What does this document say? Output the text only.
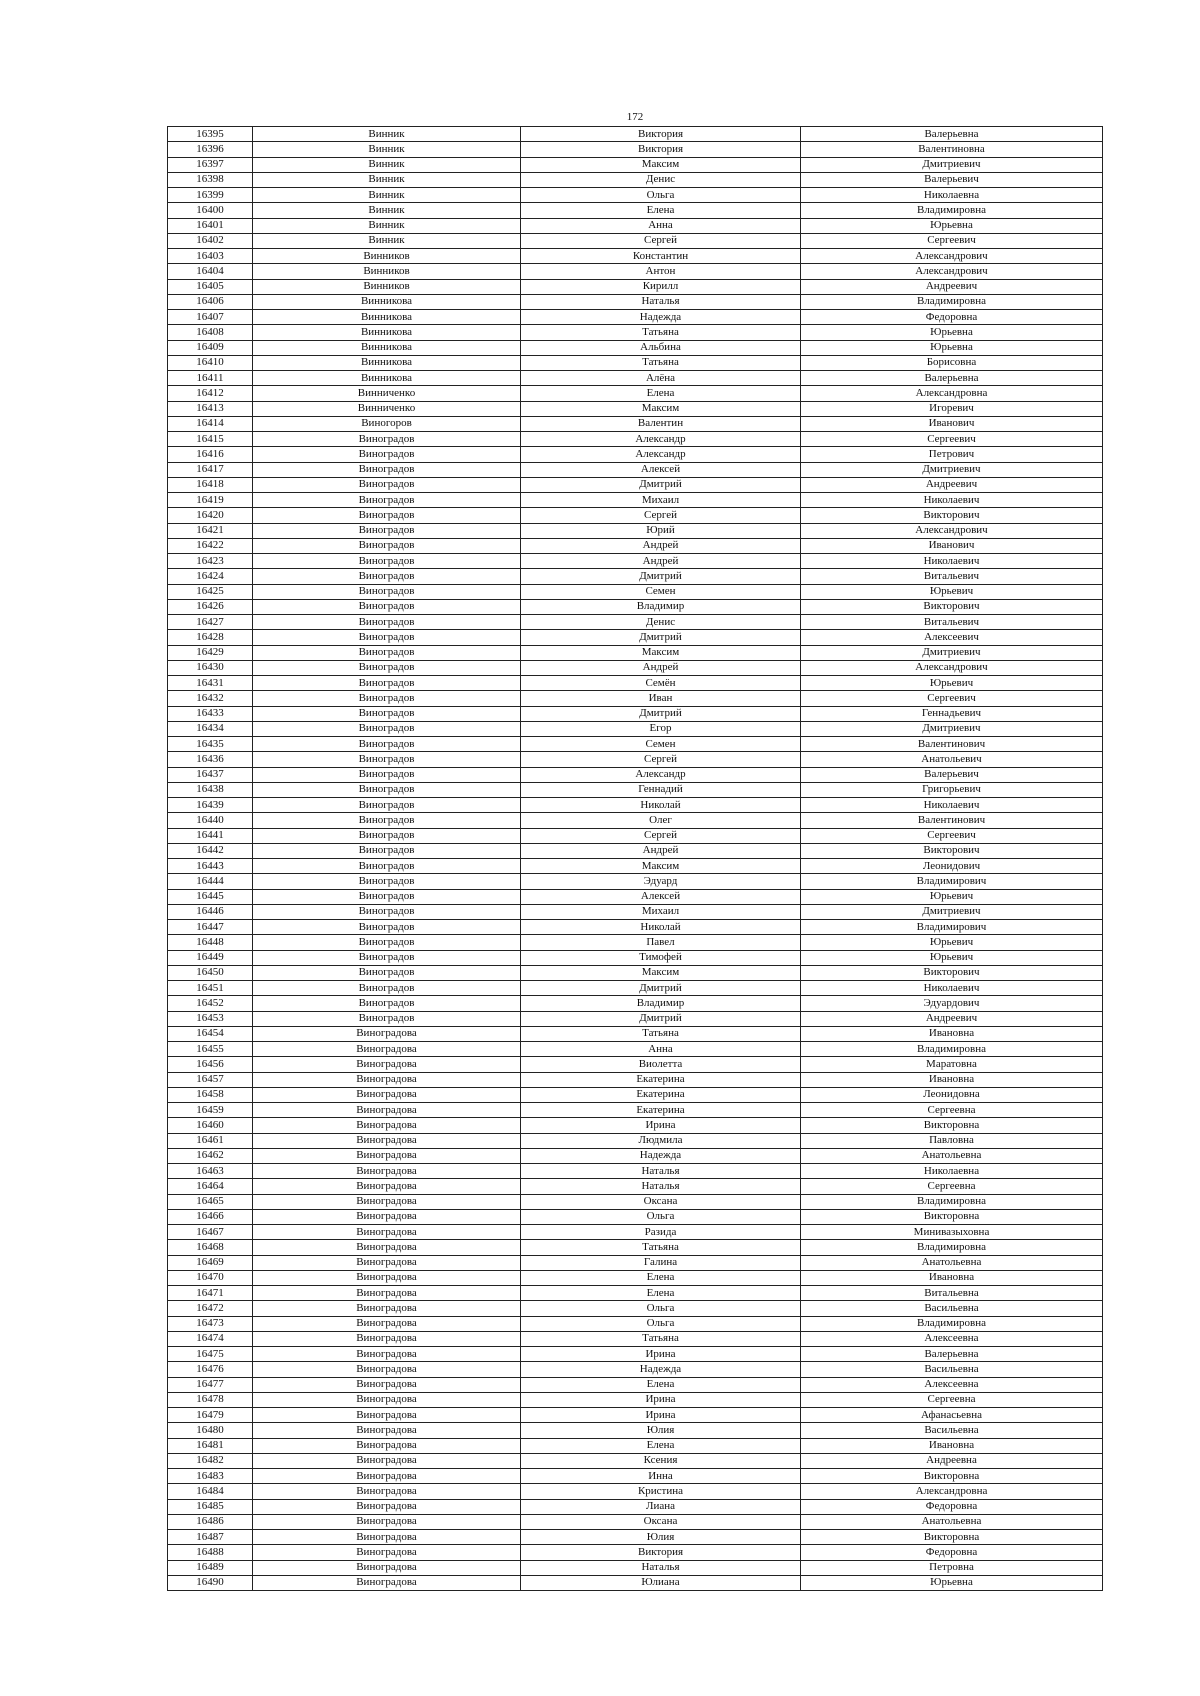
172
16395	Винник	Виктория	Валерьевна
16396	Винник	Виктория	Валентиновна
16397	Винник	Максим	Дмитриевич
16398	Винник	Денис	Валерьевич
16399	Винник	Ольга	Николаевна
16400	Винник	Елена	Владимировна
16401	Винник	Анна	Юрьевна
16402	Винник	Сергей	Сергеевич
16403	Винников	Константин	Александрович
16404	Винников	Антон	Александрович
16405	Винников	Кирилл	Андреевич
16406	Винникова	Наталья	Владимировна
16407	Винникова	Надежда	Федоровна
16408	Винникова	Татьяна	Юрьевна
16409	Винникова	Альбина	Юрьевна
16410	Винникова	Татьяна	Борисовна
16411	Винникова	Алёна	Валерьевна
16412	Винниченко	Елена	Александровна
16413	Винниченко	Максим	Игоревич
16414	Виногоров	Валентин	Иванович
16415	Виноградов	Александр	Сергеевич
16416	Виноградов	Александр	Петрович
16417	Виноградов	Алексей	Дмитриевич
16418	Виноградов	Дмитрий	Андреевич
16419	Виноградов	Михаил	Николаевич
16420	Виноградов	Сергей	Викторович
16421	Виноградов	Юрий	Александрович
16422	Виноградов	Андрей	Иванович
16423	Виноградов	Андрей	Николаевич
16424	Виноградов	Дмитрий	Витальевич
16425	Виноградов	Семен	Юрьевич
16426	Виноградов	Владимир	Викторович
16427	Виноградов	Денис	Витальевич
16428	Виноградов	Дмитрий	Алексеевич
16429	Виноградов	Максим	Дмитриевич
16430	Виноградов	Андрей	Александрович
16431	Виноградов	Семён	Юрьевич
16432	Виноградов	Иван	Сергеевич
16433	Виноградов	Дмитрий	Геннадьевич
16434	Виноградов	Егор	Дмитриевич
16435	Виноградов	Семен	Валентинович
16436	Виноградов	Сергей	Анатольевич
16437	Виноградов	Александр	Валерьевич
16438	Виноградов	Геннадий	Григорьевич
16439	Виноградов	Николай	Николаевич
16440	Виноградов	Олег	Валентинович
16441	Виноградов	Сергей	Сергеевич
16442	Виноградов	Андрей	Викторович
16443	Виноградов	Максим	Леонидович
16444	Виноградов	Эдуард	Владимирович
16445	Виноградов	Алексей	Юрьевич
16446	Виноградов	Михаил	Дмитриевич
16447	Виноградов	Николай	Владимирович
16448	Виноградов	Павел	Юрьевич
16449	Виноградов	Тимофей	Юрьевич
16450	Виноградов	Максим	Викторович
16451	Виноградов	Дмитрий	Николаевич
16452	Виноградов	Владимир	Эдуардович
16453	Виноградов	Дмитрий	Андреевич
16454	Виноградова	Татьяна	Ивановна
16455	Виноградова	Анна	Владимировна
16456	Виноградова	Виолетта	Маратовна
16457	Виноградова	Екатерина	Ивановна
16458	Виноградова	Екатерина	Леонидовна
16459	Виноградова	Екатерина	Сергеевна
16460	Виноградова	Ирина	Викторовна
16461	Виноградова	Людмила	Павловна
16462	Виноградова	Надежда	Анатольевна
16463	Виноградова	Наталья	Николаевна
16464	Виноградова	Наталья	Сергеевна
16465	Виноградова	Оксана	Владимировна
16466	Виноградова	Ольга	Викторовна
16467	Виноградова	Разида	Минивазыховна
16468	Виноградова	Татьяна	Владимировна
16469	Виноградова	Галина	Анатольевна
16470	Виноградова	Елена	Ивановна
16471	Виноградова	Елена	Витальевна
16472	Виноградова	Ольга	Васильевна
16473	Виноградова	Ольга	Владимировна
16474	Виноградова	Татьяна	Алексеевна
16475	Виноградова	Ирина	Валерьевна
16476	Виноградова	Надежда	Васильевна
16477	Виноградова	Елена	Алексеевна
16478	Виноградова	Ирина	Сергеевна
16479	Виноградова	Ирина	Афанасьевна
16480	Виноградова	Юлия	Васильевна
16481	Виноградова	Елена	Ивановна
16482	Виноградова	Ксения	Андреевна
16483	Виноградова	Инна	Викторовна
16484	Виноградова	Кристина	Александровна
16485	Виноградова	Лиана	Федоровна
16486	Виноградова	Оксана	Анатольевна
16487	Виноградова	Юлия	Викторовна
16488	Виноградова	Виктория	Федоровна
16489	Виноградова	Наталья	Петровна
16490	Виноградова	Юлиана	Юрьевна
